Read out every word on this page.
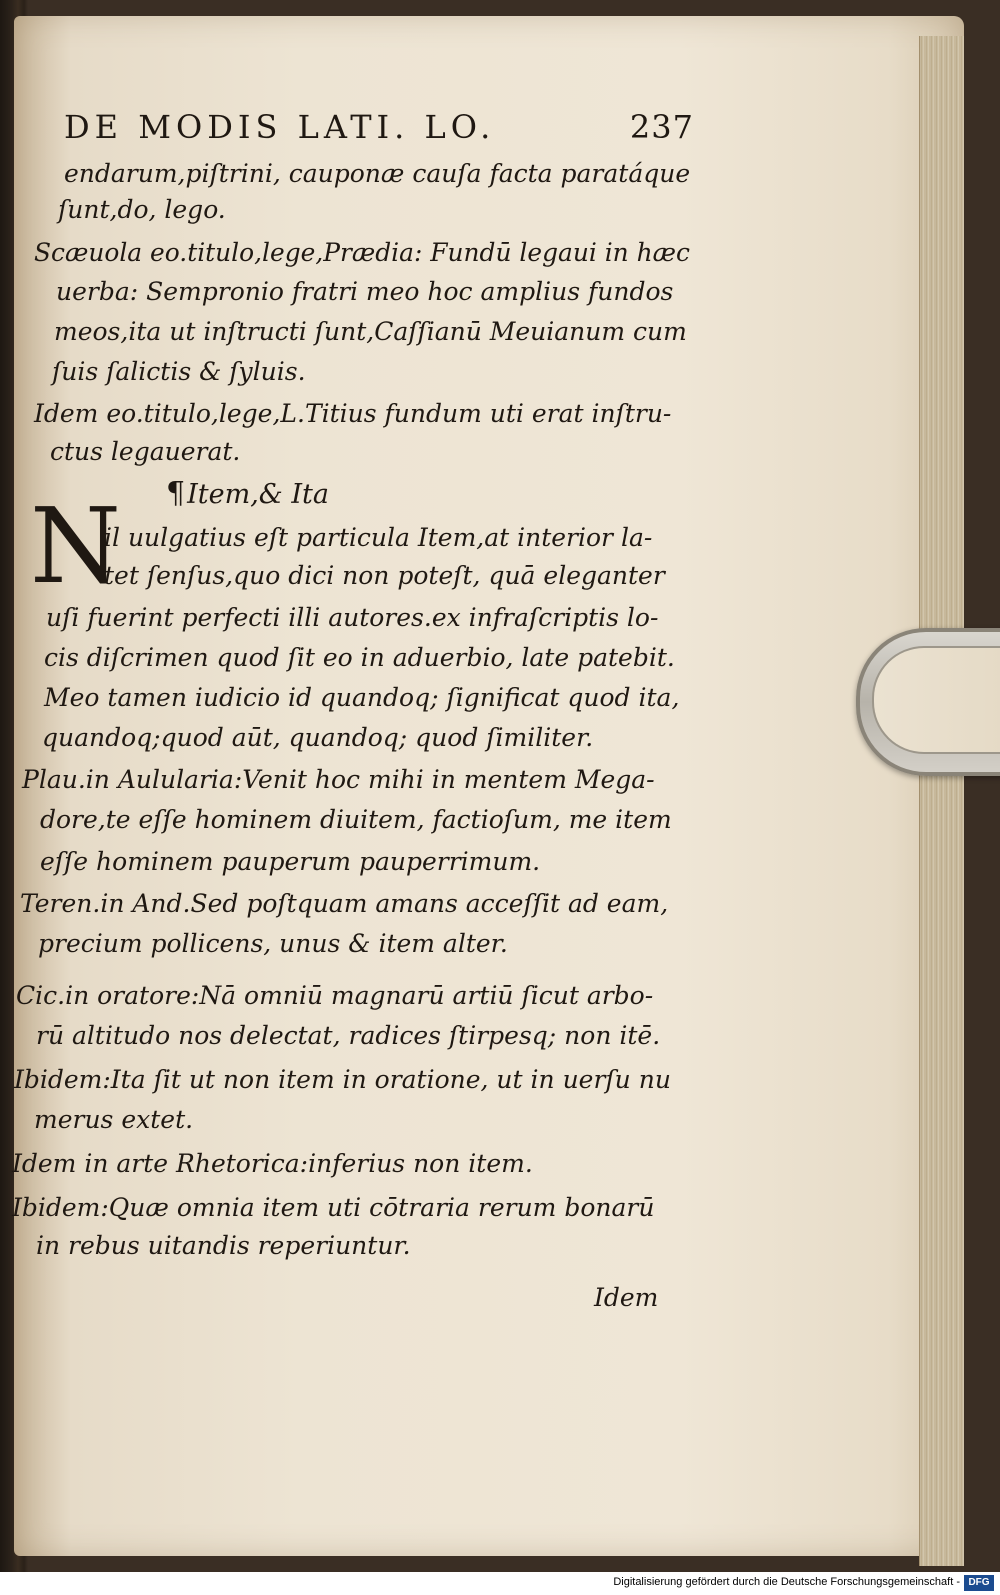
DE MODIS LATI. LO.	237
endarum,piſtrini, cauponæ cauſa facta paratáque
ſunt,do, lego.
Scæuola eo.titulo,lege,Prædia: Fundū legaui in hæc
uerba: Sempronio fratri meo hoc amplius fundos
meos,ita ut inſtructi ſunt,Caſſianū Meuianum cum
ſuis ſalictis & ſyluis.
Idem eo.titulo,lege,L.Titius fundum uti erat inſtru-
ctus legauerat.
¶Item,& Ita
N
il uulgatius eſt particula Item,at interior la-
tet ſenſus,quo dici non poteſt, quā eleganter
uſi fuerint perfecti illi autores.ex infraſcriptis lo-
cis diſcrimen quod ſit eo in aduerbio, late patebit.
Meo tamen iudicio id quandoq; ſignificat quod ita,
quandoq;quod aūt, quandoq; quod ſimiliter.
Plau.in Aulularia:Venit hoc mihi in mentem Mega-
dore,te eſſe hominem diuitem, factioſum, me item
eſſe hominem pauperum pauperrimum.
Teren.in And.Sed poſtquam amans acceſſit ad eam,
precium pollicens, unus & item alter.
Cic.in oratore:Nā omniū magnarū artiū ſicut arbo-
rū altitudo nos delectat, radices ſtirpesq; non itē.
Ibidem:Ita ſit ut non item in oratione, ut in uerſu nu
merus extet.
Idem in arte Rhetorica:inferius non item.
Ibidem:Quæ omnia item uti cōtraria rerum bonarū
in rebus uitandis reperiuntur.
Idem
Digitalisierung gefördert durch die Deutsche Forschungsgemeinschaft - DFG
